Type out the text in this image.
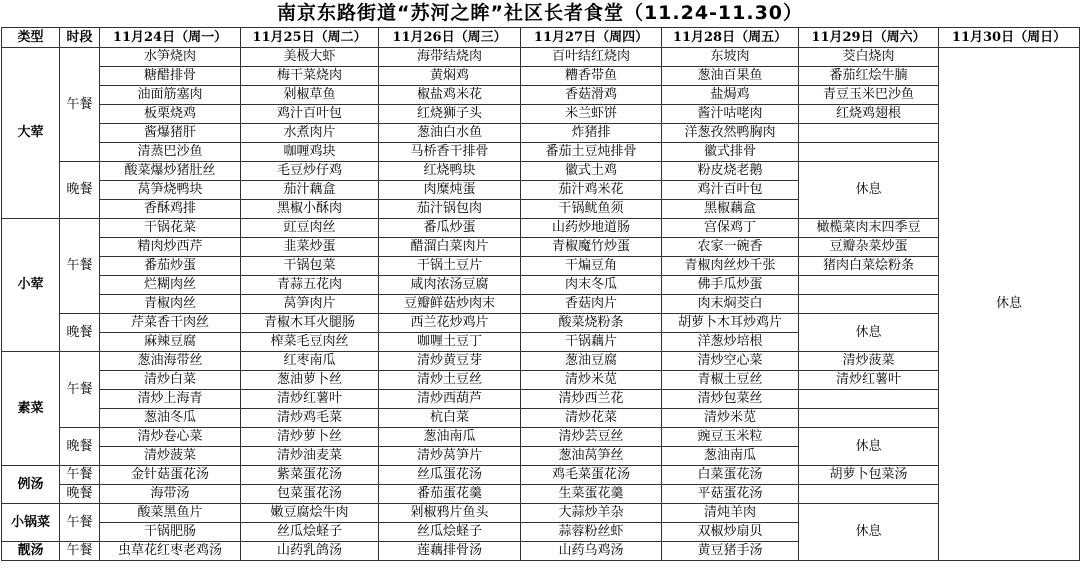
南京东路街道“苏河之眸”社区长者食堂（11.24-11.30）
类型	时段	11月24日（周一）	11月25日（周二）	11月26日（周三）	11月27日（周四）	11月28日（周五）	11月29日（周六）	11月30日（周日）
大荤	午餐	水笋烧肉	美极大虾	海带结烧肉	百叶结红烧肉	东坡肉	茭白烧肉	休息
		糖醋排骨	梅干菜烧肉	黄焖鸡	糟香带鱼	葱油百果鱼	番茄红烩牛腩	
		油面筋塞肉	剁椒草鱼	椒盐鸡米花	香菇滑鸡	盐焗鸡	青豆玉米巴沙鱼	
		板栗烧鸡	鸡汁百叶包	红烧狮子头	米兰虾饼	酱汁咕咾肉	红烧鸡翅根	
		酱爆猪肝	水煮肉片	葱油白水鱼	炸猪排	洋葱孜然鸭胸肉		
		清蒸巴沙鱼	咖喱鸡块	马桥香干排骨	番茄土豆炖排骨	徽式排骨		
	晚餐	酸菜爆炒猪肚丝	毛豆炒仔鸡	红烧鸭块	徽式土鸡	粉皮烧老鹅	休息	
		莴笋烧鸭块	茄汁藕盒	肉糜炖蛋	茄汁鸡米花	鸡汁百叶包		
		香酥鸡排	黑椒小酥肉	茄汁锅包肉	干锅鱿鱼须	黑椒藕盒		
小荤	午餐	干锅花菜	豇豆肉丝	番瓜炒蛋	山药炒地道肠	宫保鸡丁	橄榄菜肉末四季豆	
		精肉炒西芹	韭菜炒蛋	醋溜白菜肉片	青椒魔竹炒蛋	农家一碗香	豆瓣杂菜炒蛋	
		番茄炒蛋	干锅包菜	干锅土豆片	干煸豆角	青椒肉丝炒千张	猪肉白菜烩粉条	
		烂糊肉丝	青蒜五花肉	咸肉浓汤豆腐	肉末冬瓜	佛手瓜炒蛋		
		青椒肉丝	莴笋肉片	豆瓣鲜菇炒肉末	香菇肉片	肉末焖茭白		
	晚餐	芹菜香干肉丝	青椒木耳火腿肠	西兰花炒鸡片	酸菜烧粉条	胡萝卜木耳炒鸡片	休息	
		麻辣豆腐	榨菜毛豆肉丝	咖喱土豆丁	干锅藕片	洋葱炒培根		
素菜	午餐	葱油海带丝	红枣南瓜	清炒黄豆芽	葱油豆腐	清炒空心菜	清炒菠菜	
		清炒白菜	葱油萝卜丝	清炒土豆丝	清炒米苋	青椒土豆丝	清炒红薯叶	
		清炒上海青	清炒红薯叶	清炒西葫芦	清炒西兰花	清炒包菜丝		
		葱油冬瓜	清炒鸡毛菜	杭白菜	清炒花菜	清炒米苋		
	晚餐	清炒卷心菜	清炒萝卜丝	葱油南瓜	清炒芸豆丝	豌豆玉米粒	休息	
		清炒菠菜	清炒油麦菜	清炒莴笋片	葱油莴笋丝	葱油南瓜		
例汤	午餐	金针菇蛋花汤	紫菜蛋花汤	丝瓜蛋花汤	鸡毛菜蛋花汤	白菜蛋花汤	胡萝卜包菜汤	
	晚餐	海带汤	包菜蛋花汤	番茄蛋花羹	生菜蛋花羹	平菇蛋花汤		
小锅菜	午餐	酸菜黑鱼片	嫩豆腐烩牛肉	剁椒鸦片鱼头	大蒜炒羊杂	清炖羊肉	休息	
		干锅肥肠	丝瓜烩蛏子	丝瓜烩蛏子	蒜蓉粉丝虾	双椒炒扇贝		
靓汤	午餐	虫草花红枣老鸡汤	山药乳鸽汤	莲藕排骨汤	山药乌鸡汤	黄豆猪手汤		
